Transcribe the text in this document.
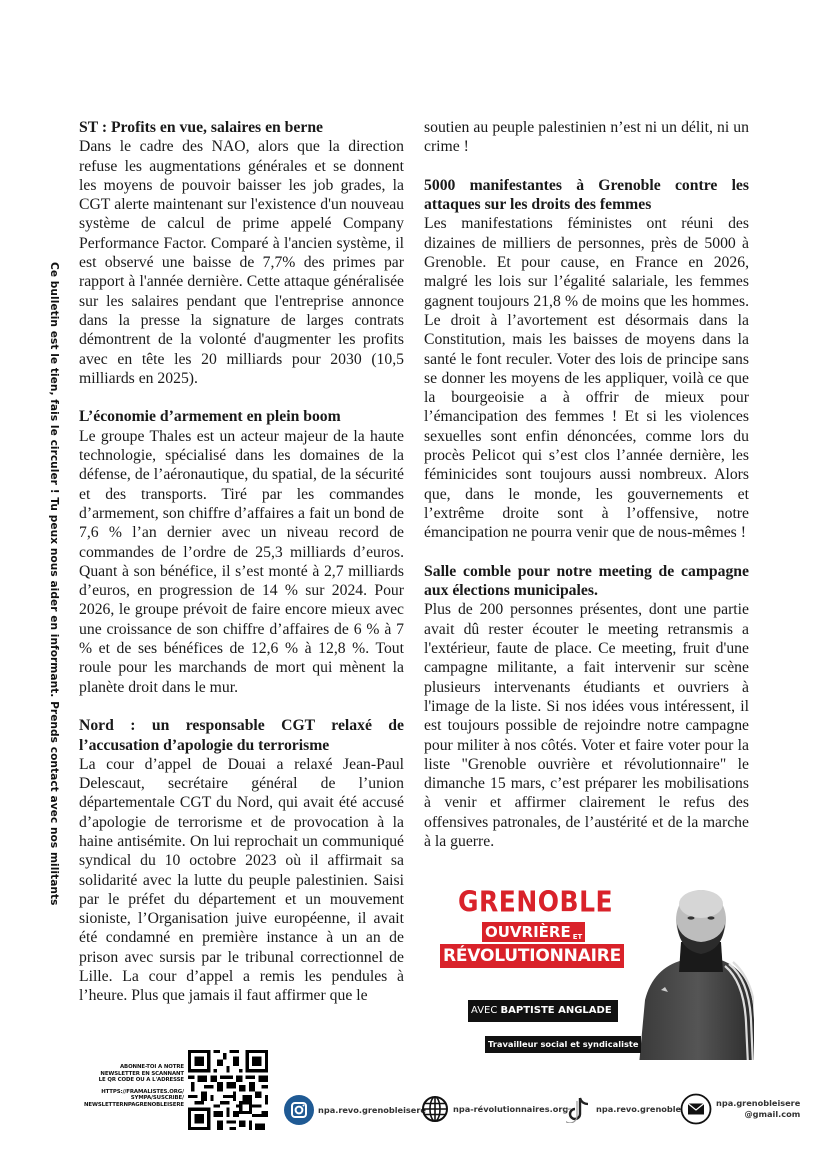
Ce bulletin est le tien, fais le circuler ! Tu peux nous aider en informant. Prends contact avec nos militants
ST : Profits en vue, salaires en berne

Dans le cadre des NAO, alors que la direction refuse les augmentations générales et se donnent les moyens de pouvoir baisser les job grades, la CGT alerte maintenant sur l'existence d'un nouveau système de calcul de prime appelé Company Performance Factor. Comparé à l'ancien système, il est observé une baisse de 7,7% des primes par rapport à l'année dernière. Cette attaque généralisée sur les salaires pendant que l'entreprise annonce dans la presse la signature de larges contrats démontrent de la volonté d'augmenter les profits avec en tête les 20 milliards pour 2030 (10,5 milliards en 2025).

L’économie d’armement en plein boom

Le groupe Thales est un acteur majeur de la haute technologie, spécialisé dans les domaines de la défense, de l’aéronautique, du spatial, de la sécurité et des transports. Tiré par les commandes d’armement, son chiffre d’affaires a fait un bond de 7,6 % l’an dernier avec un niveau record de commandes de l’ordre de 25,3 milliards d’euros. Quant à son bénéfice, il s’est monté à 2,7 milliards d’euros, en progression de 14 % sur 2024. Pour 2026, le groupe prévoit de faire encore mieux avec une croissance de son chiffre d’affaires de 6 % à 7 % et de ses bénéfices de 12,6 % à 12,8 %. Tout roule pour les marchands de mort qui mènent la planète droit dans le mur.

Nord : un responsable CGT relaxé de l’accusation d’apologie du terrorisme

La cour d’appel de Douai a relaxé Jean-Paul Delescaut, secrétaire général de l’union départementale CGT du Nord, qui avait été accusé d’apologie de terrorisme et de provocation à la haine antisémite. On lui reprochait un communiqué syndical du 10 octobre 2023 où il affirmait sa solidarité avec la lutte du peuple palestinien. Saisi par le préfet du département et un mouvement sioniste, l’Organisation juive européenne, il avait été condamné en première instance à un an de prison avec sursis par le tribunal correctionnel de Lille. La cour d’appel a remis les pendules à l’heure. Plus que jamais il faut affirmer que le

soutien au peuple palestinien n’est ni un délit, ni un crime !

5000 manifestantes à Grenoble contre les attaques sur les droits des femmes

Les manifestations féministes ont réuni des dizaines de milliers de personnes, près de 5000 à Grenoble. Et pour cause, en France en 2026, malgré les lois sur l’égalité salariale, les femmes gagnent toujours 21,8 % de moins que les hommes. Le droit à l’avortement est désormais dans la Constitution, mais les baisses de moyens dans la santé le font reculer. Voter des lois de principe sans se donner les moyens de les appliquer, voilà ce que la bourgeoisie a à offrir de mieux pour l’émancipation des femmes ! Et si les violences sexuelles sont enfin dénoncées, comme lors du procès Pelicot qui s’est clos l’année dernière, les féminicides sont toujours aussi nombreux. Alors que, dans le monde, les gouvernements et l’extrême droite sont à l’offensive, notre émancipation ne pourra venir que de nous-mêmes !

Salle comble pour notre meeting de campagne aux élections municipales.

Plus de 200 personnes présentes, dont une partie avait dû rester écouter le meeting retransmis a l'extérieur, faute de place. Ce meeting, fruit d'une campagne militante, a fait intervenir sur scène plusieurs intervenants étudiants et ouvriers à l'image de la liste. Si nos idées vous intéressent, il est toujours possible de rejoindre notre campagne pour militer à nos côtés. Voter et faire voter pour la liste "Grenoble ouvrière et révolutionnaire" le dimanche 15 mars, c’est préparer les mobilisations à venir et affirmer clairement le refus des offensives patronales, de l’austérité et de la marche à la guerre.

GRENOBLE
OUVRIÈRE ET
RÉVOLUTIONNAIRE
AVEC BAPTISTE ANGLADE
Travailleur social et syndicaliste
ABONNE-TOI A NOTRE
NEWSLETTER EN SCANNANT
LE QR CODE OU A L'ADRESSE
HTTPS://FRAMALISTES.ORG/
SYMPA/SUSCRIBE/
NEWSLETTERNPAGRENOBLEISERE
npa.revo.grenobleisere	npa-révolutionnaires.org	npa.revo.grenoble
npa.grenobleisere
@gmail.com
